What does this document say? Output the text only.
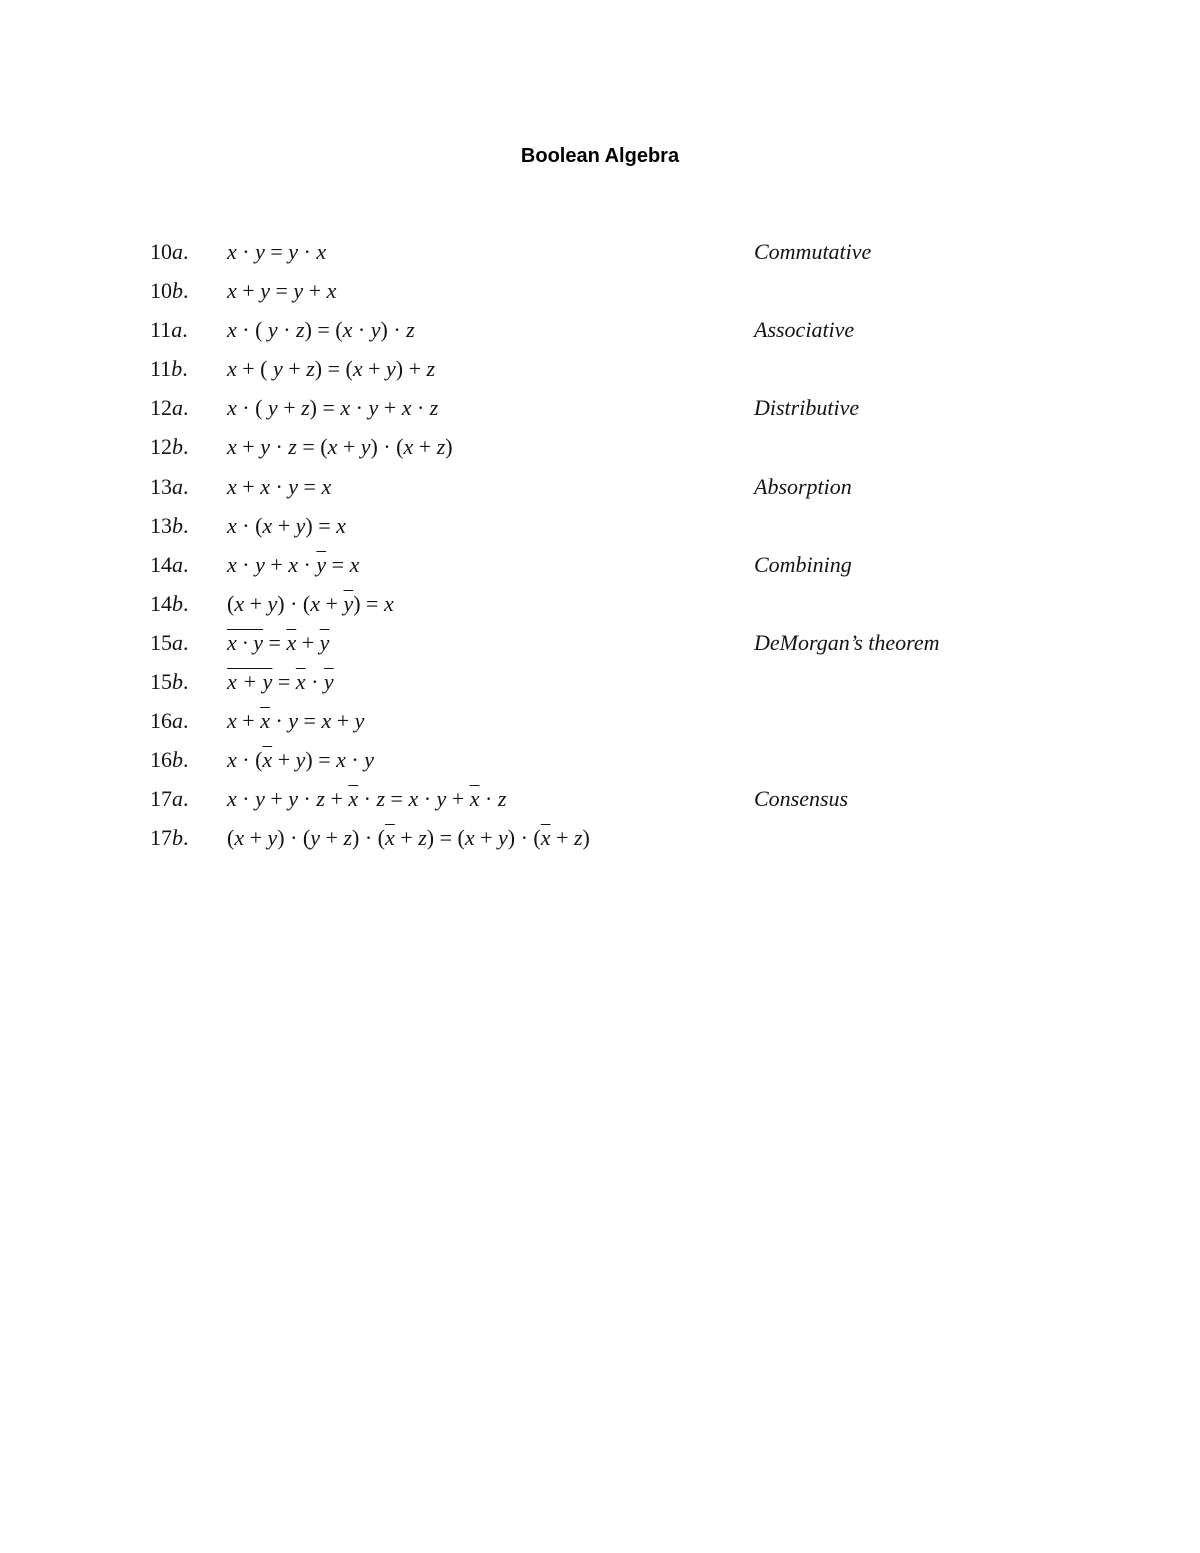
Boolean Algebra
10a. x · y = y · x	Commutative
10b. x + y = y + x
11a. x · ( y · z) = (x · y) · z	Associative
11b. x + ( y + z) = (x + y) + z
12a. x · ( y + z) = x · y + x · z	Distributive
12b. x + y · z = (x + y) · (x + z)
13a. x + x · y = x	Absorption
13b. x · (x + y) = x
14a. $x \cdot y + x \cdot \overline{y} = x$	Combining
14b. $(x + y) \cdot (x + \overline{y}) = x$
15a. $x \cdot y = \overline{x} + \overline{y}$	DeMorgan’s theorem
15b. $x + y = \overline{x} \cdot \overline{y}$
16a. $x + \overline{x} \cdot y = x + y$
16b. $x \cdot (\overline{x} + y) = x \cdot y$
17a. $x \cdot y + y \cdot z + \overline{x} \cdot z = x \cdot y + \overline{x} \cdot z$	Consensus
17b. $(x + y) \cdot (y + z) \cdot (\overline{x} + z) = (x + y) \cdot (\overline{x} + z)$
